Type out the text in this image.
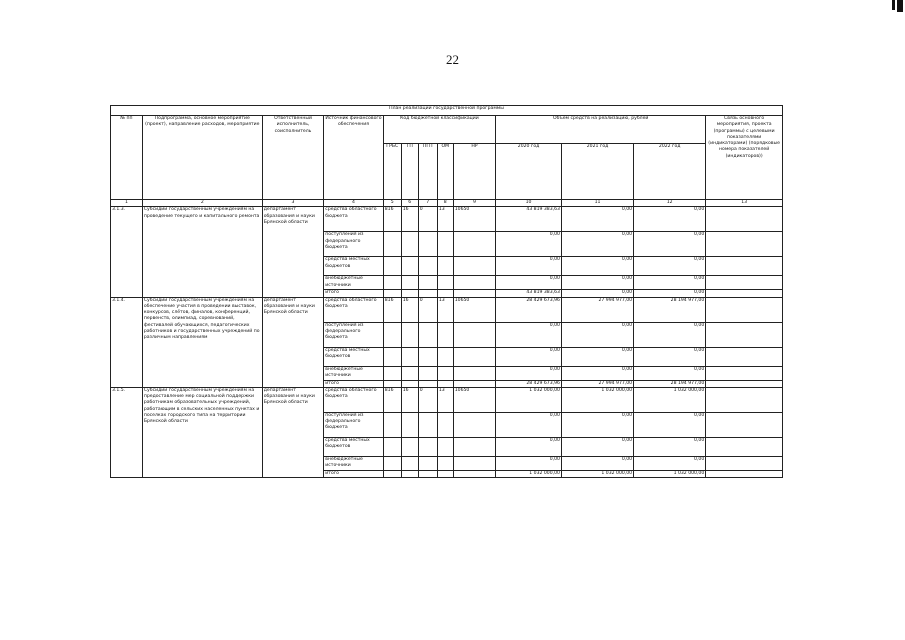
22
План реализации государственной программы												
№ пп	Подпрограмма, основное мероприятие (проект), направление расходов, мероприятие	Ответственный исполнитель, соисполнитель	Источник финансового обеспечения	Код бюджетной классификации					Объём средств на реализацию, рублей			Связь основного мероприятия, проекта (программы) с целевыми показателями (индикаторами) (порядковые номера показателей (индикаторов))
				ГРБС	ГП	ПГП	ОМ	НР	2020 год	2021 год	2022 год	
1	2	3	4	5	6	7	8	9	10	11	12	13
3.1.3.	Субсидии государственным учреждениям на проведение текущего и капитального ремонта	департамент образования и науки Брянской области	средства областного бюджета	816	16	0	13	10650	43 819 383,63	0,00	0,00	
			поступления из федерального бюджета						0,00	0,00	0,00	
			средства местных бюджетов						0,00	0,00	0,00	
			внебюджетные источники						0,00	0,00	0,00	
			итого						43 819 383,63	0,00	0,00	
3.1.4.	Субсидии государственным учреждениям на обеспечение участия в проведении выставок, конкурсов, слётов, финалов, конференций, первенств, олимпиад, соревнований, фестивалей обучающихся, педагогических работников и государственных учреждений по различным направлениям	департамент образования и науки Брянской области	средства областного бюджета	816	16	0	13	10650	28 429 673,96	27 994 977,00	28 194 977,00	
			поступления из федерального бюджета						0,00	0,00	0,00	
			средства местных бюджетов						0,00	0,00	0,00	
			внебюджетные источники						0,00	0,00	0,00	
			итого						28 429 673,96	27 994 977,00	28 194 977,00	
3.1.5.	Субсидии государственным учреждениям на предоставление мер социальной поддержки работникам образовательных учреждений, работающим в сельских населенных пунктах и поселках городского типа на территории Брянской области	департамент образования и науки Брянской области	средства областного бюджета	816	16	0	13	10650	1 032 000,00	1 032 000,00	1 032 000,00	
			поступления из федерального бюджета						0,00	0,00	0,00	
			средства местных бюджетов						0,00	0,00	0,00	
			внебюджетные источники						0,00	0,00	0,00	
			итого						1 032 000,00	1 032 000,00	1 032 000,00	
